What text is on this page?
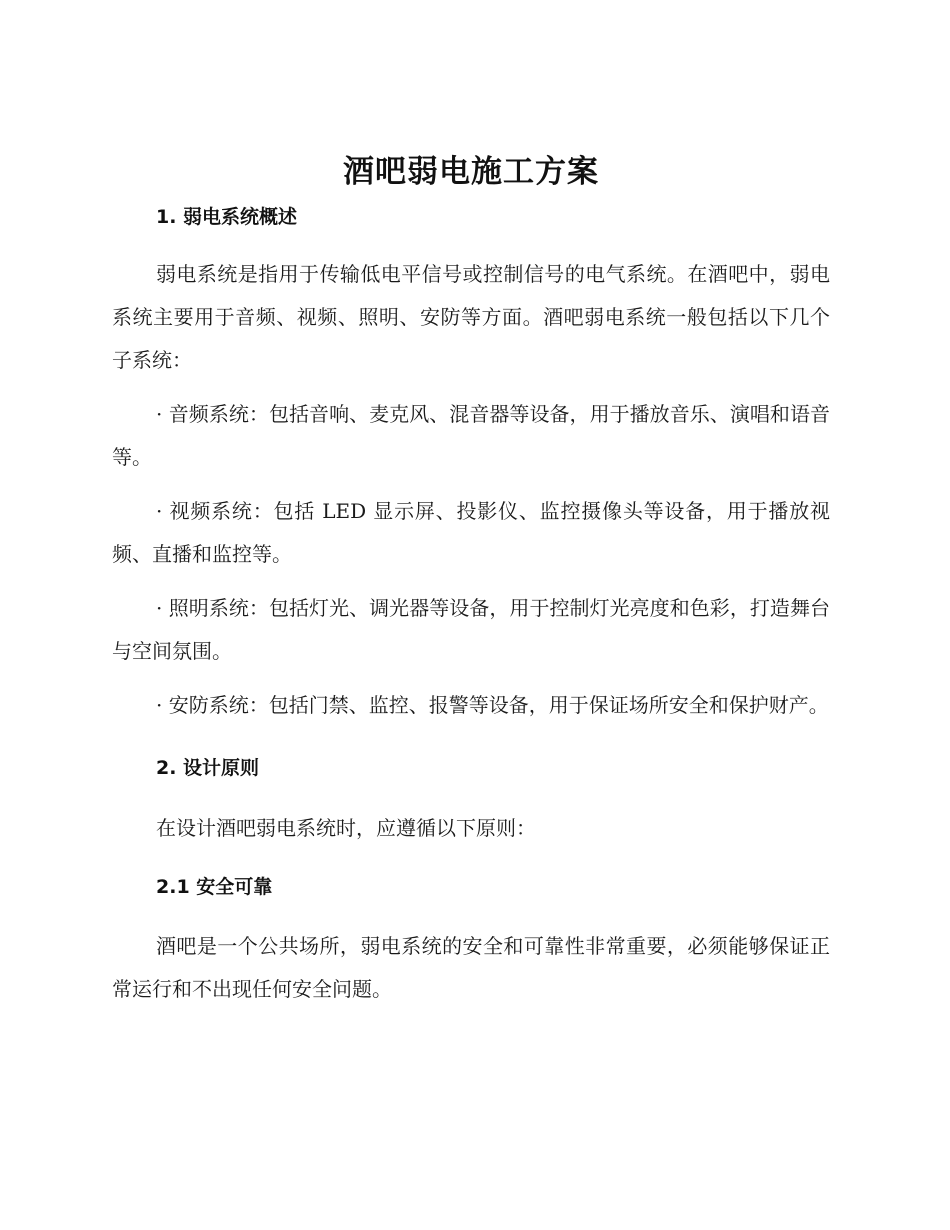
酒吧弱电施工方案
1. 弱电系统概述

弱电系统是指用于传输低电平信号或控制信号的电气系统。在酒吧中，弱电系统主要用于音频、视频、照明、安防等方面。酒吧弱电系统一般包括以下几个子系统：

· 音频系统：包括音响、麦克风、混音器等设备，用于播放音乐、演唱和语音等。

· 视频系统：包括 LED 显示屏、投影仪、监控摄像头等设备，用于播放视频、直播和监控等。

· 照明系统：包括灯光、调光器等设备，用于控制灯光亮度和色彩，打造舞台与空间氛围。

· 安防系统：包括门禁、监控、报警等设备，用于保证场所安全和保护财产。

2. 设计原则

在设计酒吧弱电系统时，应遵循以下原则：

2.1 安全可靠

酒吧是一个公共场所，弱电系统的安全和可靠性非常重要，必须能够保证正常运行和不出现任何安全问题。
